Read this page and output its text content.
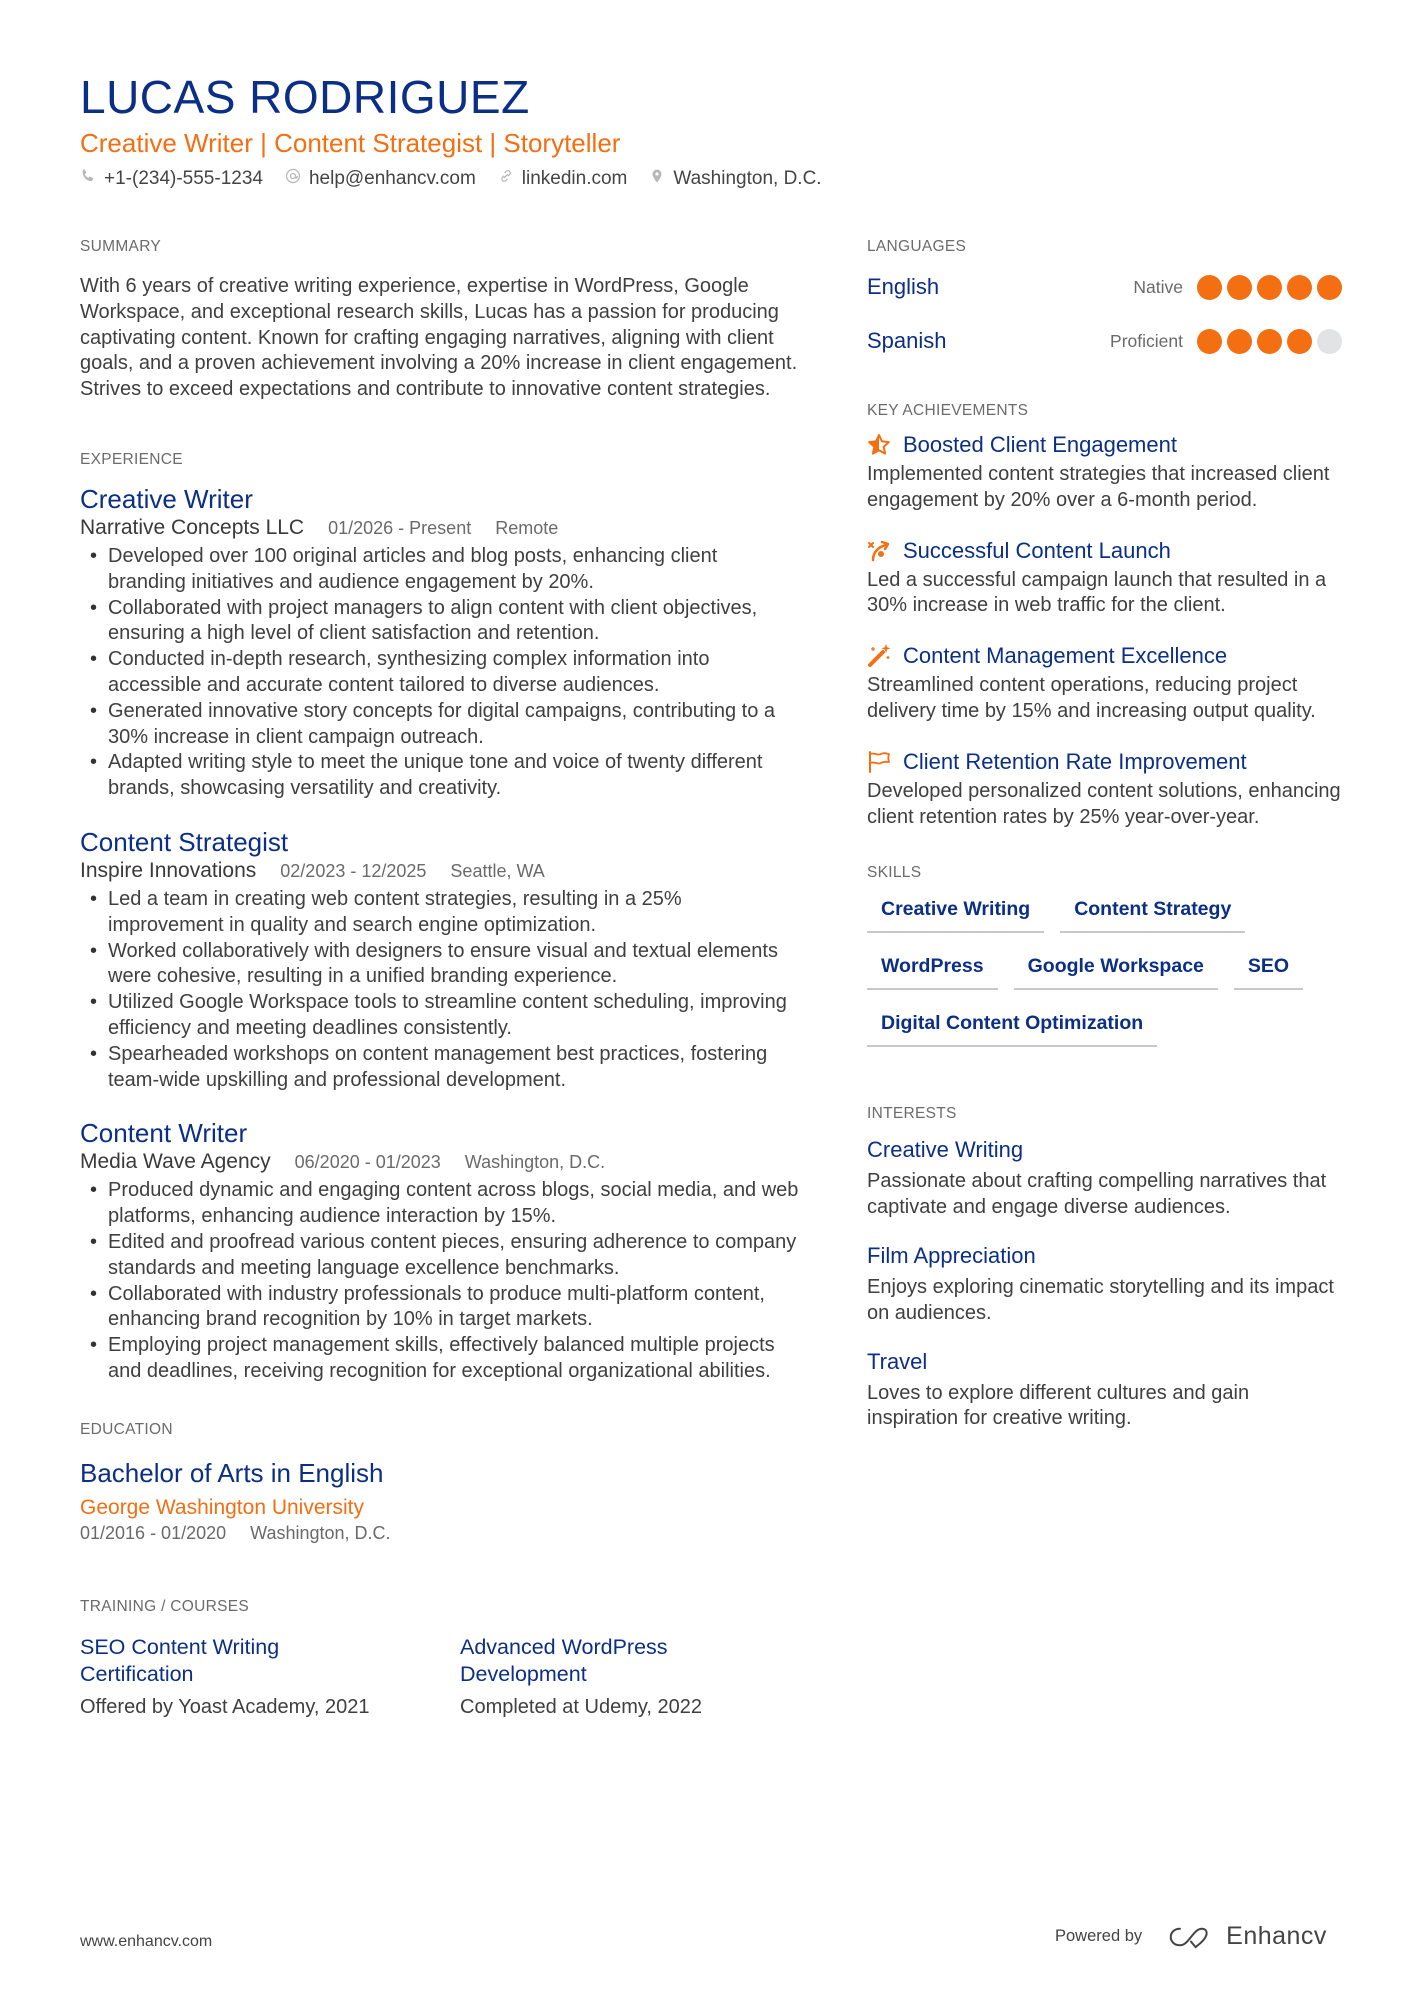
LUCAS RODRIGUEZ
Creative Writer | Content Strategist | Storyteller
+1-(234)-555-1234 help@enhancv.com linkedin.com Washington, D.C.
SUMMARY

With 6 years of creative writing experience, expertise in WordPress, Google Workspace, and exceptional research skills, Lucas has a passion for producing captivating content. Known for crafting engaging narratives, aligning with client goals, and a proven achievement involving a 20% increase in client engagement. Strives to exceed expectations and contribute to innovative content strategies.

EXPERIENCE
Creative Writer
Narrative Concepts LLC 01/2026 - Present Remote
• Developed over 100 original articles and blog posts, enhancing client branding initiatives and audience engagement by 20%.
• Collaborated with project managers to align content with client objectives, ensuring a high level of client satisfaction and retention.
• Conducted in-depth research, synthesizing complex information into accessible and accurate content tailored to diverse audiences.
• Generated innovative story concepts for digital campaigns, contributing to a 30% increase in client campaign outreach.
• Adapted writing style to meet the unique tone and voice of twenty different brands, showcasing versatility and creativity.
Content Strategist
Inspire Innovations 02/2023 - 12/2025 Seattle, WA
• Led a team in creating web content strategies, resulting in a 25% improvement in quality and search engine optimization.
• Worked collaboratively with designers to ensure visual and textual elements were cohesive, resulting in a unified branding experience.
• Utilized Google Workspace tools to streamline content scheduling, improving efficiency and meeting deadlines consistently.
• Spearheaded workshops on content management best practices, fostering team-wide upskilling and professional development.
Content Writer
Media Wave Agency 06/2020 - 01/2023 Washington, D.C.
• Produced dynamic and engaging content across blogs, social media, and web platforms, enhancing audience interaction by 15%.
• Edited and proofread various content pieces, ensuring adherence to company standards and meeting language excellence benchmarks.
• Collaborated with industry professionals to produce multi-platform content, enhancing brand recognition by 10% in target markets.
• Employing project management skills, effectively balanced multiple projects and deadlines, receiving recognition for exceptional organizational abilities.
EDUCATION
Bachelor of Arts in English
George Washington University
01/2016 - 01/2020 Washington, D.C.
TRAINING / COURSES
SEO Content Writing Certification
Offered by Yoast Academy, 2021
Advanced WordPress Development
Completed at Udemy, 2022
LANGUAGES
English	Native
Spanish	Proficient
KEY ACHIEVEMENTS
Boosted Client Engagement
Implemented content strategies that increased client engagement by 20% over a 6-month period.
Successful Content Launch
Led a successful campaign launch that resulted in a 30% increase in web traffic for the client.
Content Management Excellence
Streamlined content operations, reducing project delivery time by 15% and increasing output quality.
Client Retention Rate Improvement
Developed personalized content solutions, enhancing client retention rates by 25% year-over-year.
SKILLS
Creative Writing	Content Strategy
WordPress	Google Workspace	SEO
Digital Content Optimization
INTERESTS
Creative Writing
Passionate about crafting compelling narratives that captivate and engage diverse audiences.
Film Appreciation
Enjoys exploring cinematic storytelling and its impact on audiences.
Travel
Loves to explore different cultures and gain inspiration for creative writing.
www.enhancv.com	Powered by	Enhancv
